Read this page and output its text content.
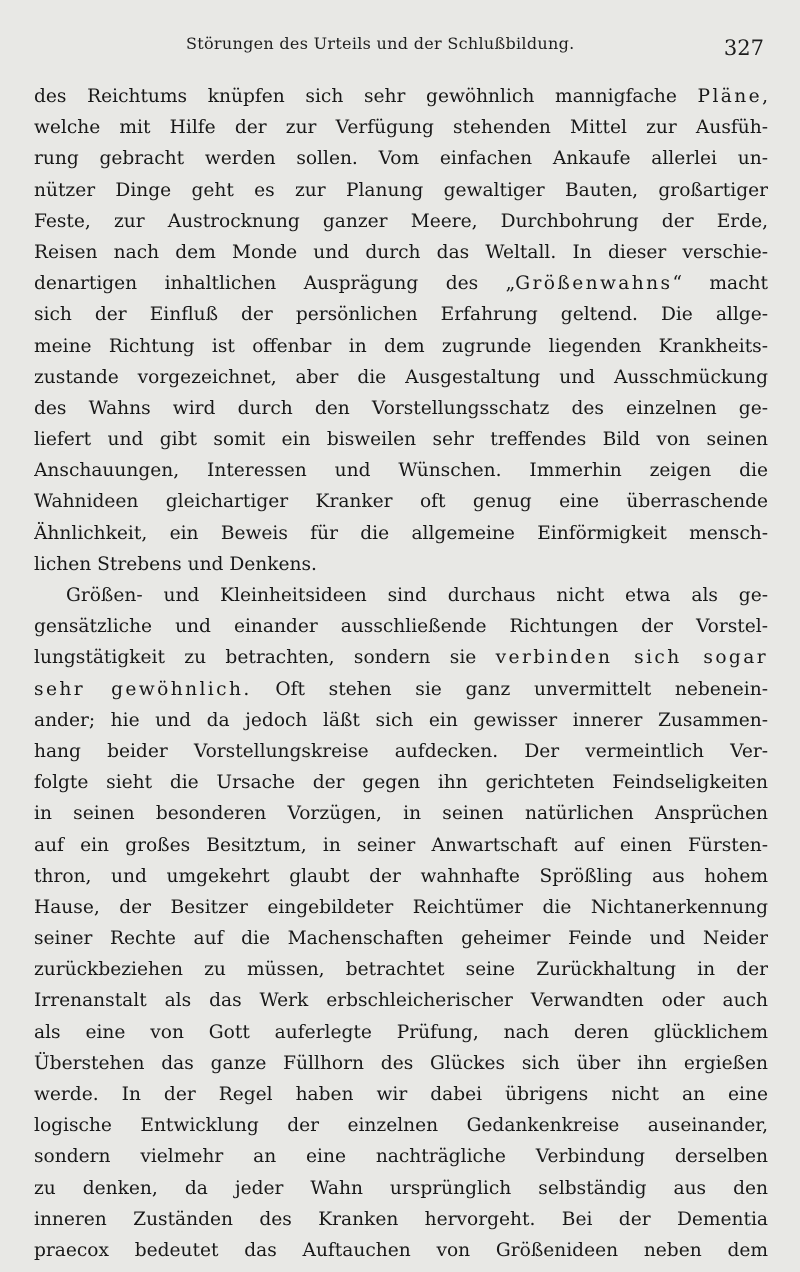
Störungen des Urteils und der Schlußbildung.	327
des Reichtums knüpfen sich sehr gewöhnlich mannigfache Pläne,
welche mit Hilfe der zur Verfügung stehenden Mittel zur Ausfüh-
rung gebracht werden sollen. Vom einfachen Ankaufe allerlei un-
nützer Dinge geht es zur Planung gewaltiger Bauten, großartiger
Feste, zur Austrocknung ganzer Meere, Durchbohrung der Erde,
Reisen nach dem Monde und durch das Weltall. In dieser verschie-
denartigen inhaltlichen Ausprägung des „Größenwahns“ macht
sich der Einfluß der persönlichen Erfahrung geltend. Die allge-
meine Richtung ist offenbar in dem zugrunde liegenden Krankheits-
zustande vorgezeichnet, aber die Ausgestaltung und Ausschmückung
des Wahns wird durch den Vorstellungsschatz des einzelnen ge-
liefert und gibt somit ein bisweilen sehr treffendes Bild von seinen
Anschauungen, Interessen und Wünschen. Immerhin zeigen die
Wahnideen gleichartiger Kranker oft genug eine überraschende
Ähnlichkeit, ein Beweis für die allgemeine Einförmigkeit mensch-
lichen Strebens und Denkens.
Größen- und Kleinheitsideen sind durchaus nicht etwa als ge-
gensätzliche und einander ausschließende Richtungen der Vorstel-
lungstätigkeit zu betrachten, sondern sie verbinden sich sogar
sehr gewöhnlich. Oft stehen sie ganz unvermittelt nebenein-
ander; hie und da jedoch läßt sich ein gewisser innerer Zusammen-
hang beider Vorstellungskreise aufdecken. Der vermeintlich Ver-
folgte sieht die Ursache der gegen ihn gerichteten Feindseligkeiten
in seinen besonderen Vorzügen, in seinen natürlichen Ansprüchen
auf ein großes Besitztum, in seiner Anwartschaft auf einen Fürsten-
thron, und umgekehrt glaubt der wahnhafte Sprößling aus hohem
Hause, der Besitzer eingebildeter Reichtümer die Nichtanerkennung
seiner Rechte auf die Machenschaften geheimer Feinde und Neider
zurückbeziehen zu müssen, betrachtet seine Zurückhaltung in der
Irrenanstalt als das Werk erbschleicherischer Verwandten oder auch
als eine von Gott auferlegte Prüfung, nach deren glücklichem
Überstehen das ganze Füllhorn des Glückes sich über ihn ergießen
werde. In der Regel haben wir dabei übrigens nicht an eine
logische Entwicklung der einzelnen Gedankenkreise auseinander,
sondern vielmehr an eine nachträgliche Verbindung derselben
zu denken, da jeder Wahn ursprünglich selbständig aus den
inneren Zuständen des Kranken hervorgeht. Bei der Dementia
praecox bedeutet das Auftauchen von Größenideen neben dem
